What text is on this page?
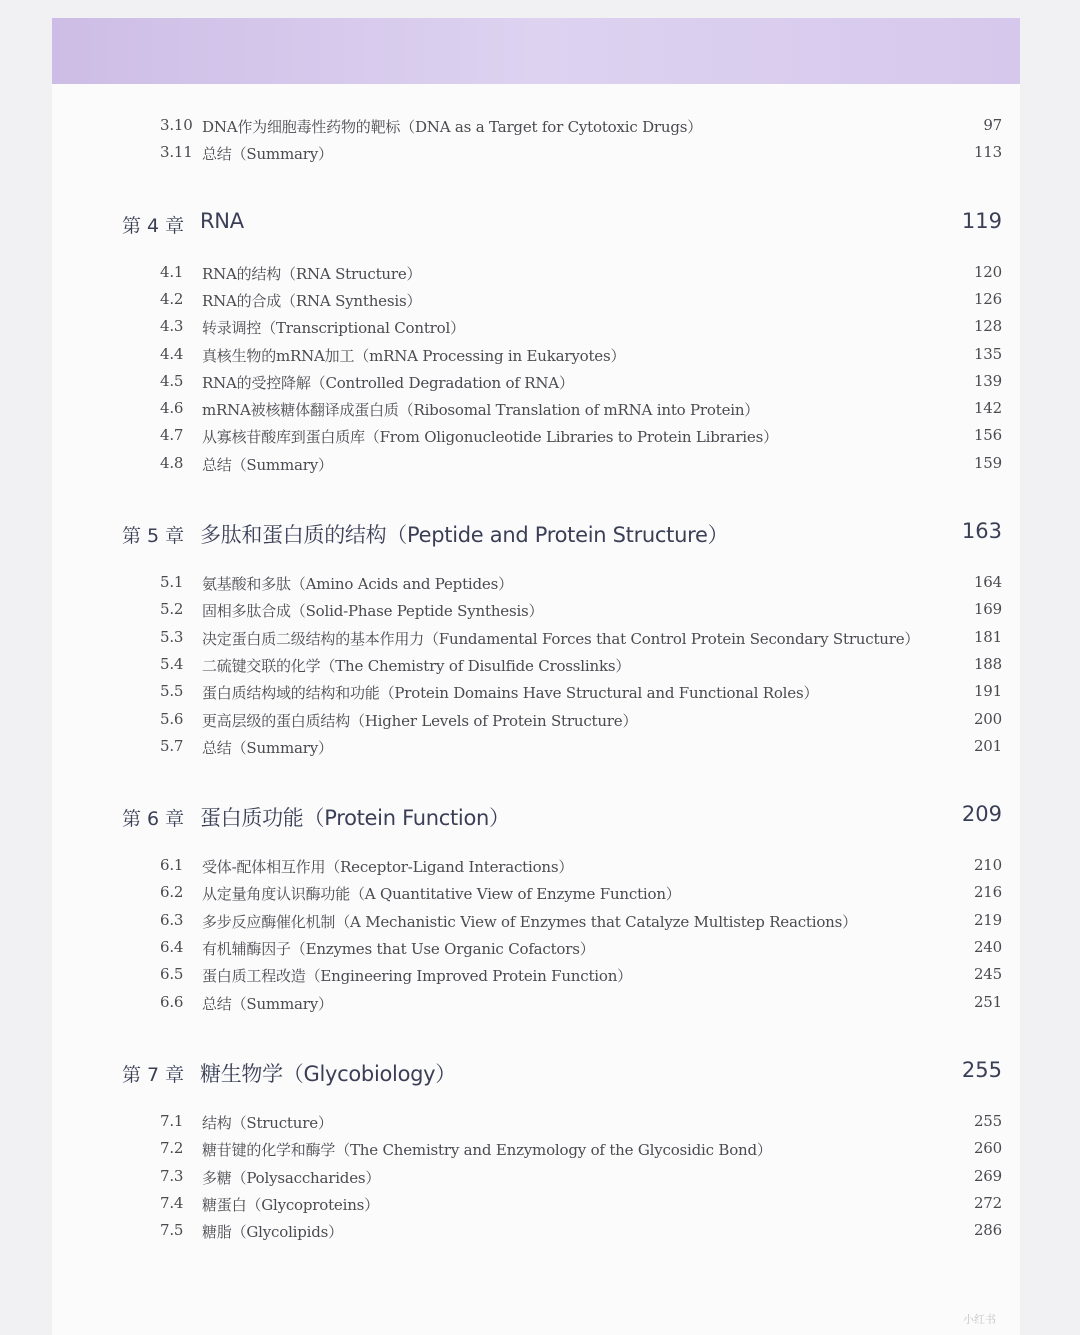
3.10 DNA作为细胞毒性药物的靶标（DNA as a Target for Cytotoxic Drugs）	97
3.11 总结（Summary）	113
第 4 章 RNA	119
4.1	RNA的结构（RNA Structure）	120
4.2	RNA的合成（RNA Synthesis）	126
4.3	转录调控（Transcriptional Control）	128
4.4	真核生物的mRNA加工（mRNA Processing in Eukaryotes）	135
4.5	RNA的受控降解（Controlled Degradation of RNA）	139
4.6	mRNA被核糖体翻译成蛋白质（Ribosomal Translation of mRNA into Protein）	142
4.7	从寡核苷酸库到蛋白质库（From Oligonucleotide Libraries to Protein Libraries）	156
4.8	总结（Summary）	159
第 5 章 多肽和蛋白质的结构（Peptide and Protein Structure）	163
5.1	氨基酸和多肽（Amino Acids and Peptides）	164
5.2	固相多肽合成（Solid-Phase Peptide Synthesis）	169
5.3	决定蛋白质二级结构的基本作用力（Fundamental Forces that Control Protein Secondary Structure）	181
5.4	二硫键交联的化学（The Chemistry of Disulfide Crosslinks）	188
5.5	蛋白质结构域的结构和功能（Protein Domains Have Structural and Functional Roles）	191
5.6	更高层级的蛋白质结构（Higher Levels of Protein Structure）	200
5.7	总结（Summary）	201
第 6 章 蛋白质功能（Protein Function）	209
6.1	受体-配体相互作用（Receptor-Ligand Interactions）	210
6.2	从定量角度认识酶功能（A Quantitative View of Enzyme Function）	216
6.3	多步反应酶催化机制（A Mechanistic View of Enzymes that Catalyze Multistep Reactions）	219
6.4	有机辅酶因子（Enzymes that Use Organic Cofactors）	240
6.5	蛋白质工程改造（Engineering Improved Protein Function）	245
6.6	总结（Summary）	251
第 7 章 糖生物学（Glycobiology）	255
7.1	结构（Structure）	255
7.2	糖苷键的化学和酶学（The Chemistry and Enzymology of the Glycosidic Bond）	260
7.3	多糖（Polysaccharides）	269
7.4	糖蛋白（Glycoproteins）	272
7.5	糖脂（Glycolipids）	286
小红书
